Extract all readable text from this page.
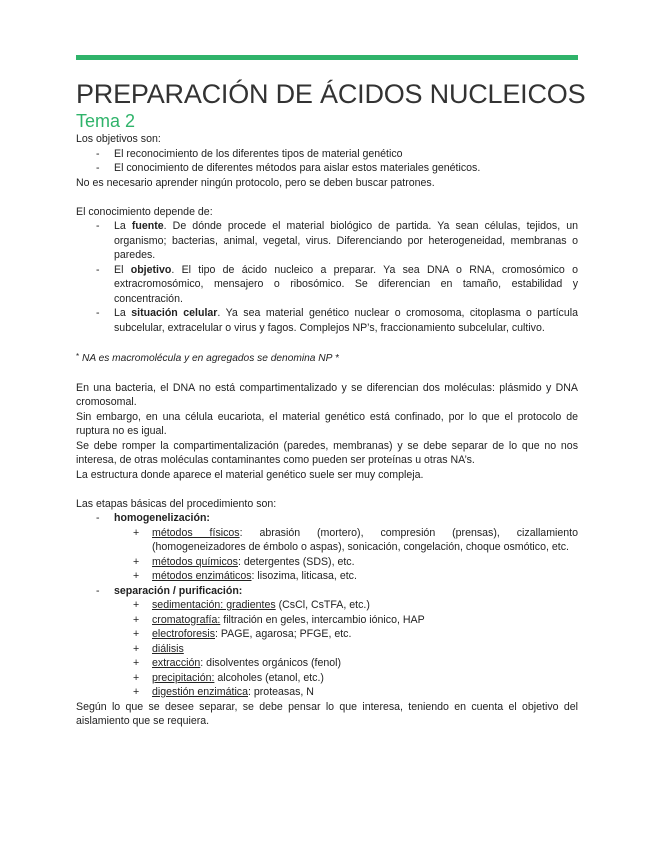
PREPARACIÓN DE ÁCIDOS NUCLEICOS
Tema 2

Los objetivos son:

- El reconocimiento de los diferentes tipos de material genético
- El conocimiento de diferentes métodos para aislar estos materiales genéticos.

No es necesario aprender ningún protocolo, pero se deben buscar patrones.

El conocimiento depende de:

- La fuente. De dónde procede el material biológico de partida. Ya sean células, tejidos, un organismo; bacterias, animal, vegetal, virus. Diferenciando por heterogeneidad, membranas o paredes.
- El objetivo. El tipo de ácido nucleico a preparar. Ya sea DNA o RNA, cromosómico o extracromosómico, mensajero o ribosómico. Se diferencian en tamaño, estabilidad y concentración.
- La situación celular. Ya sea material genético nuclear o cromosoma, citoplasma o partícula subcelular, extracelular o virus y fagos. Complejos NP’s, fraccionamiento subcelular, cultivo.

* NA es macromolécula y en agregados se denomina NP *

En una bacteria, el DNA no está compartimentalizado y se diferencian dos moléculas: plásmido y DNA cromosomal.

Sin embargo, en una célula eucariota, el material genético está confinado, por lo que el protocolo de ruptura no es igual.

Se debe romper la compartimentalización (paredes, membranas) y se debe separar de lo que no nos interesa, de otras moléculas contaminantes como pueden ser proteínas u otras NA’s.

La estructura donde aparece el material genético suele ser muy compleja.

Las etapas básicas del procedimiento son:

- homogenelización:
+ métodos físicos: abrasión (mortero), compresión (prensas), cizallamiento (homogeneizadores de émbolo o aspas), sonicación, congelación, choque osmótico, etc.
+ métodos químicos: detergentes (SDS), etc.
+ métodos enzimáticos: lisozima, liticasa, etc.
- separación / purificación:
+ sedimentación: gradientes (CsCl, CsTFA, etc.)
+ cromatografía: filtración en geles, intercambio iónico, HAP
+ electroforesis: PAGE, agarosa; PFGE, etc.
+ diálisis
+ extracción: disolventes orgánicos (fenol)
+ precipitación: alcoholes (etanol, etc.)
+ digestión enzimática: proteasas, N

Según lo que se desee separar, se debe pensar lo que interesa, teniendo en cuenta el objetivo del aislamiento que se requiera.
